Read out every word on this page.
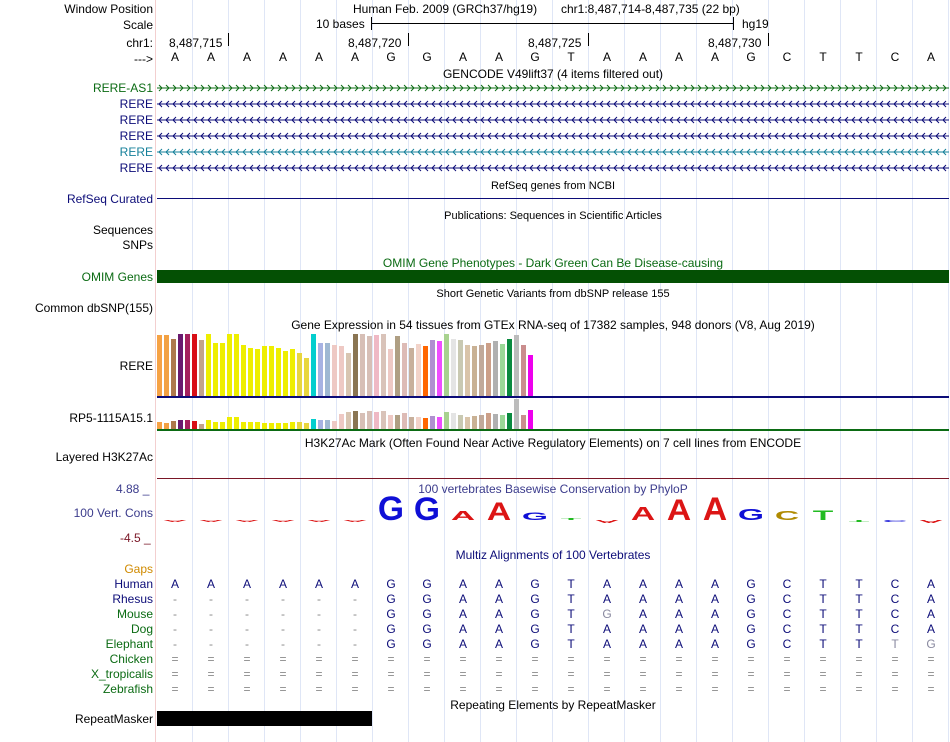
Window Position
Scale
chr1:
--->
Human Feb. 2009 (GRCh37/hg19) chr1:8,487,714-8,487,735 (22 bp)
10 bases	hg19
8,487,715	8,487,720	8,487,725	8,487,730
A	A	A	A	A	A	G	G	A	A	G	T	A	A	A	A	G	C	T	T	C	A
GENCODE V49lift37 (4 items filtered out)
RERE-AS1
RERE
RERE
RERE
RERE
RERE
RefSeq genes from NCBI
RefSeq Curated
Publications: Sequences in Scientific Articles
Sequences
SNPs
OMIM Gene Phenotypes - Dark Green Can Be Disease-causing
OMIM Genes
Short Genetic Variants from dbSNP release 155
Common dbSNP(155)
Gene Expression in 54 tissues from GTEx RNA-seq of 17382 samples, 948 donors (V8, Aug 2019)
RERE
RP5-1115A15.1
H3K27Ac Mark (Often Found Near Active Regulatory Elements) on 7 cell lines from ENCODE
Layered H3K27Ac
4.88 _	100 vertebrates Basewise Conservation by PhyloP
100 Vert. Cons
-4.5 _
A A A A A A G G A A G T A A A A G C T T C A
Multiz Alignments of 100 Vertebrates
Gaps
Human	A	A	A	A	A	A	G	G	A	A	G	T	A	A	A	A	G	C	T	T	C	A
Rhesus	-	-	-	-	-	-	G	G	A	A	G	T	A	A	A	A	G	C	T	T	C	A
Mouse	-	-	-	-	-	-	G	G	A	A	G	T	G	A	A	A	G	C	T	T	C	A
Dog	-	-	-	-	-	-	G	G	A	A	G	T	A	A	A	A	G	C	T	T	C	A
Elephant	-	-	-	-	-	-	G	G	A	A	G	T	A	A	A	A	G	C	T	T	T	G
Chicken	=	=	=	=	=	=	=	=	=	=	=	=	=	=	=	=	=	=	=	=	=	=
X_tropicalis	=	=	=	=	=	=	=	=	=	=	=	=	=	=	=	=	=	=	=	=	=	=
Zebrafish	=	=	=	=	=	=	=	=	=	=	=	=	=	=	=	=	=	=	=	=	=	=
Repeating Elements by RepeatMasker
RepeatMasker
